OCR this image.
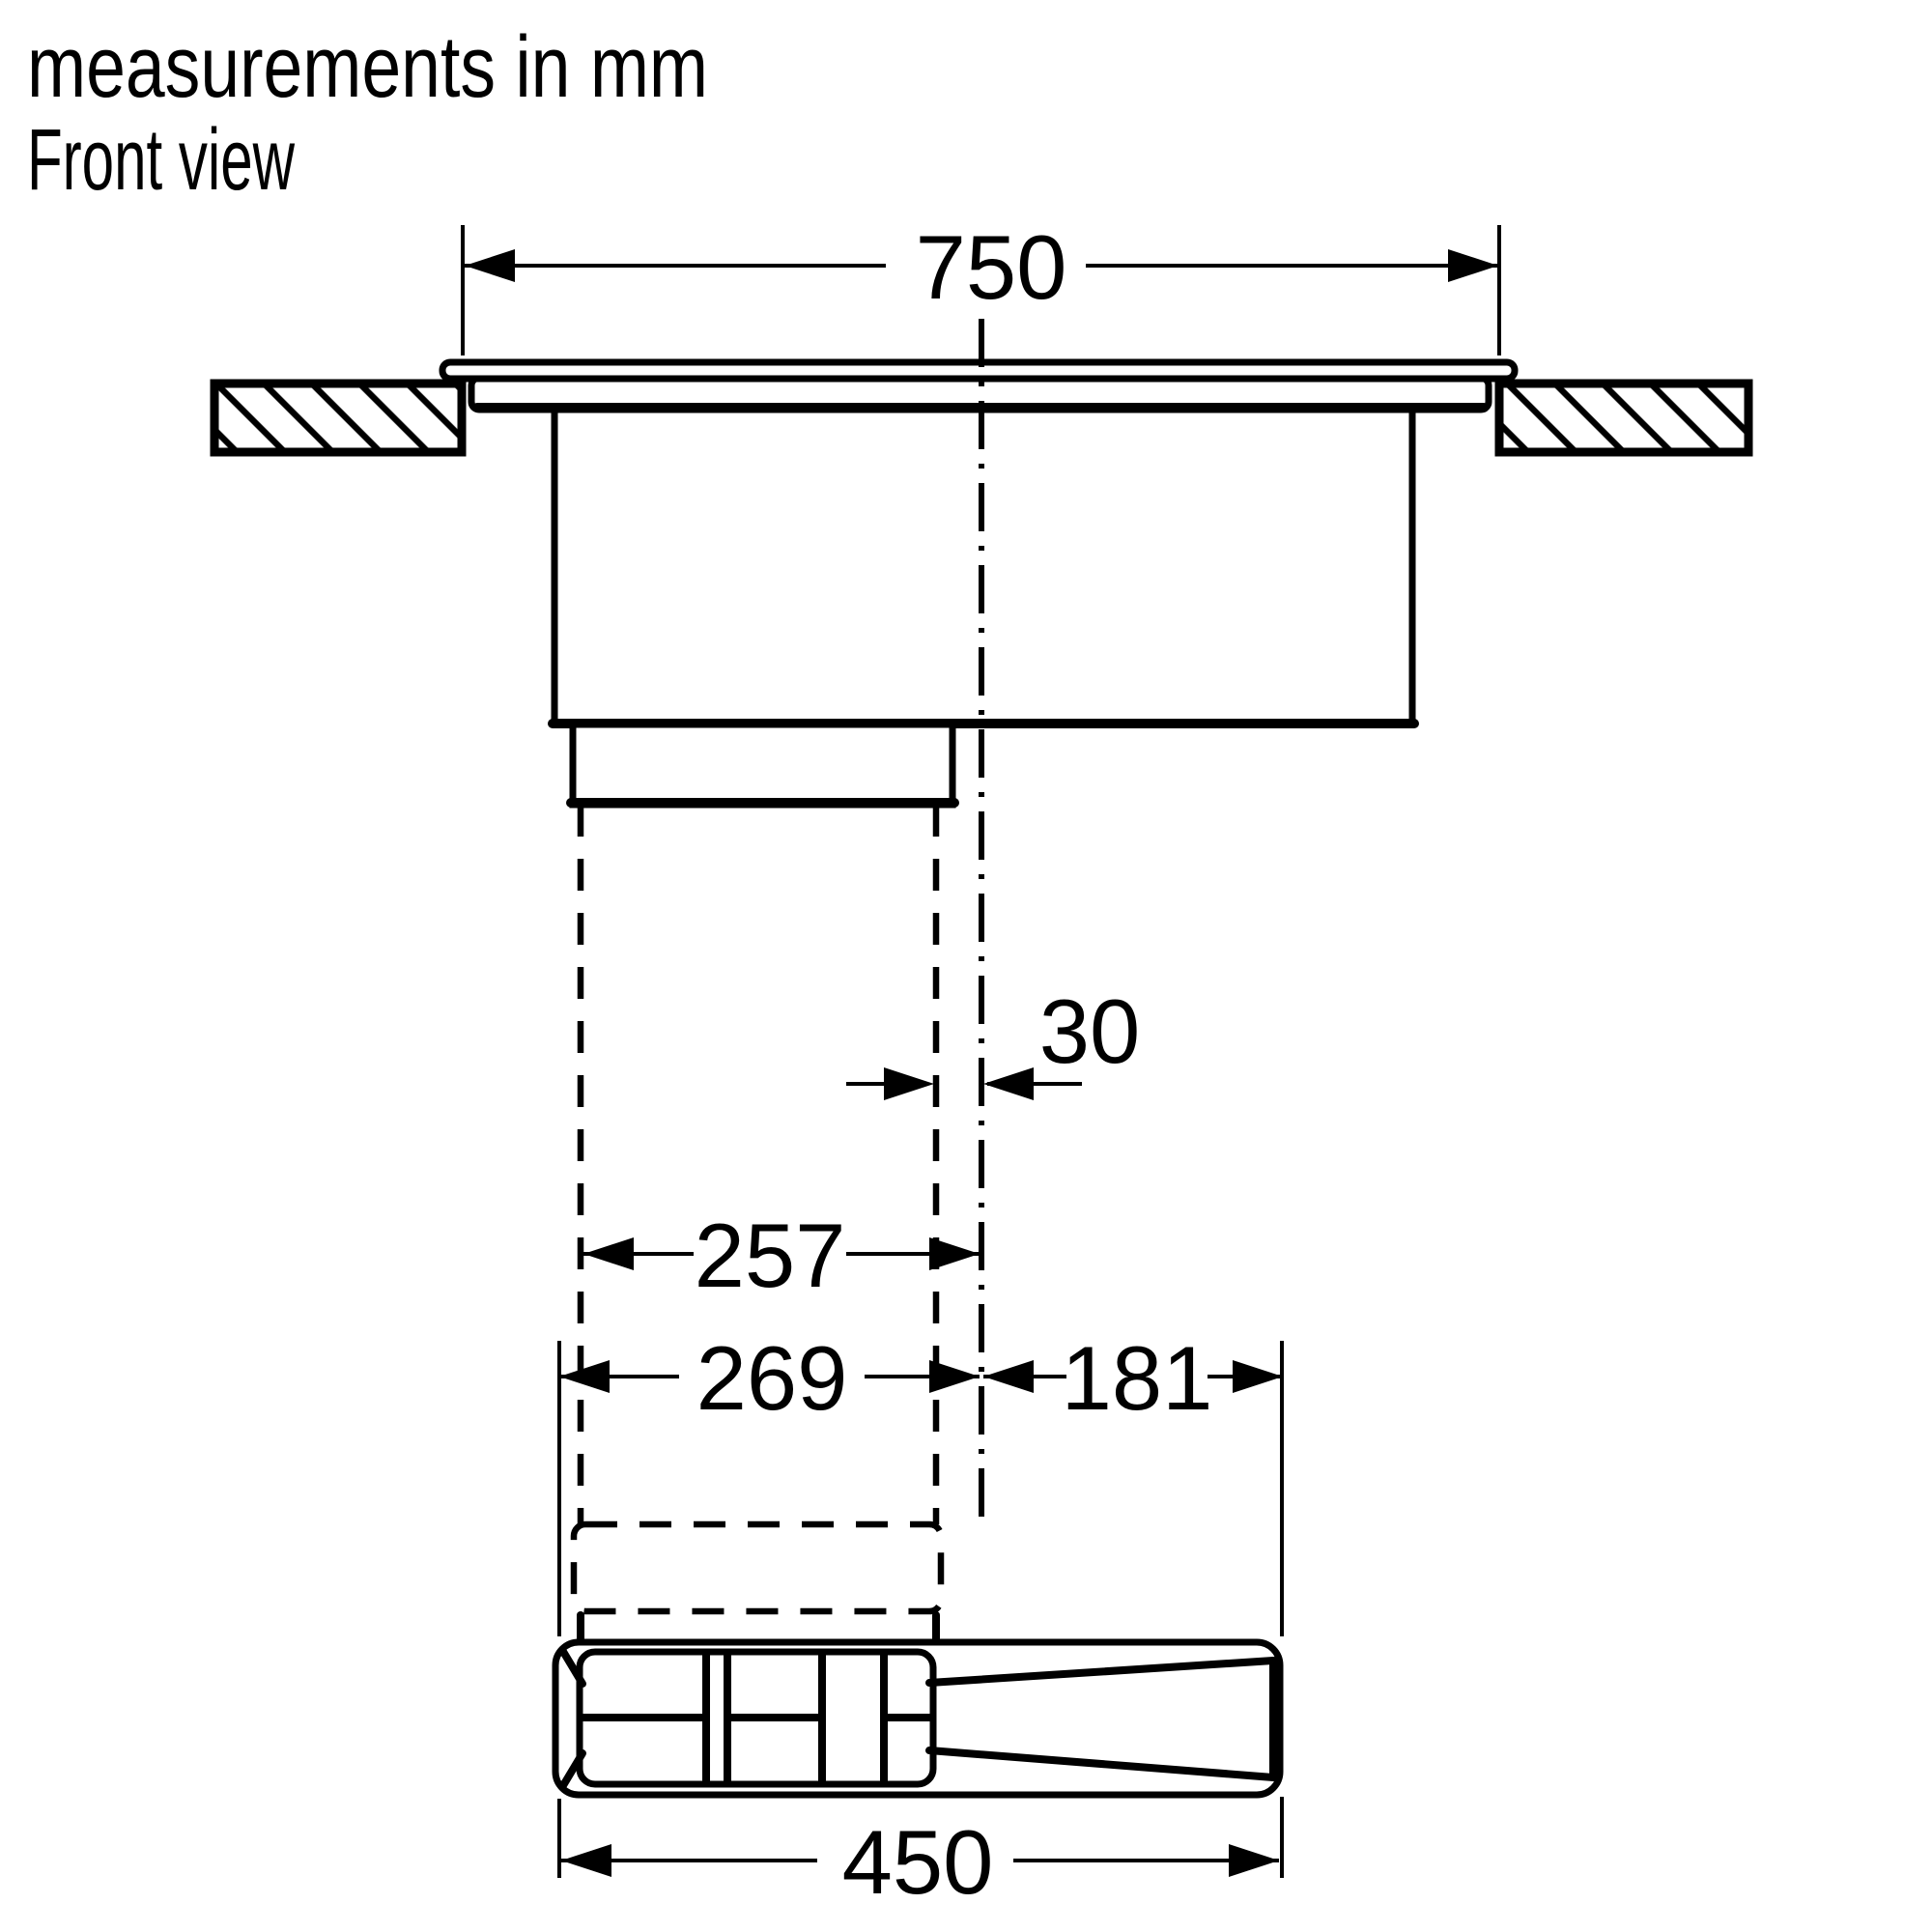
measurements in mm
Front view
750
30
257
269 181
450
